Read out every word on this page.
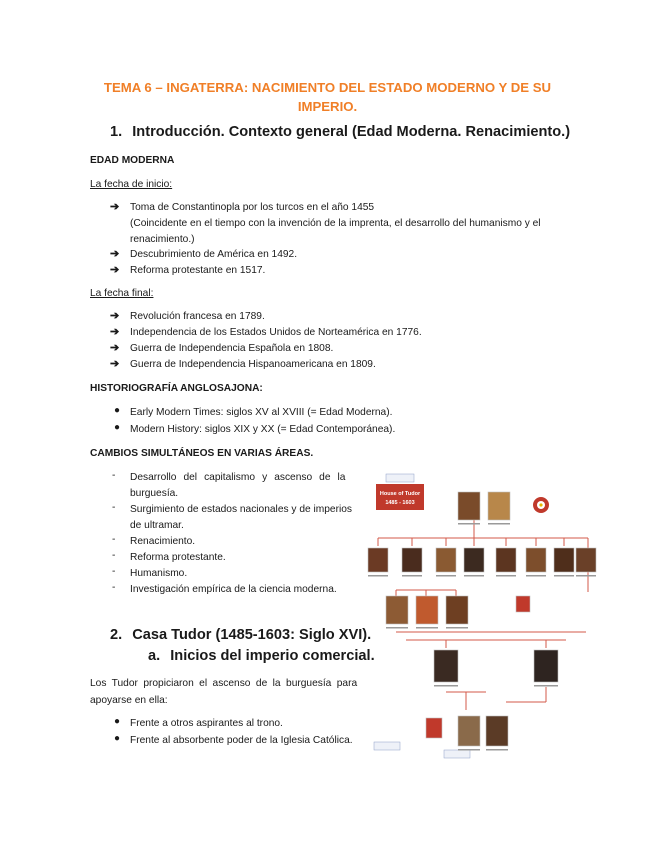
TEMA 6 – INGATERRA: NACIMIENTO DEL ESTADO MODERNO Y DE SU
IMPERIO.
1. Introducción. Contexto general (Edad Moderna. Renacimiento.)
EDAD MODERNA
La fecha de inicio:
➔ Toma de Constantinopla por los turcos en el año 1455
(Coincidente en el tiempo con la invención de la imprenta, el desarrollo del humanismo y el
renacimiento.)
➔ Descubrimiento de América en 1492.
➔ Reforma protestante en 1517.
La fecha final:
➔ Revolución francesa en 1789.
➔ Independencia de los Estados Unidos de Norteamérica en 1776.
➔ Guerra de Independencia Española en 1808.
➔ Guerra de Independencia Hispanoamericana en 1809.
HISTORIOGRAFÍA ANGLOSAJONA:
● Early Modern Times: siglos XV al XVIII (= Edad Moderna).
● Modern History: siglos XIX y XX (= Edad Contemporánea).
CAMBIOS SIMULTÁNEOS EN VARIAS ÁREAS.
- Desarrollo del capitalismo y ascenso de la
burguesía.
- Surgimiento de estados nacionales y de imperios
de ultramar.
- Renacimiento.
- Reforma protestante.
- Humanismo.
- Investigación empírica de la ciencia moderna.
2. Casa Tudor (1485-1603: Siglo XVI).
a. Inicios del imperio comercial.
Los Tudor propiciaron el ascenso de la burguesía para
apoyarse en ella:
● Frente a otros aspirantes al trono.
● Frente al absorbente poder de la Iglesia Católica.
House of Tudor
1485 - 1603
